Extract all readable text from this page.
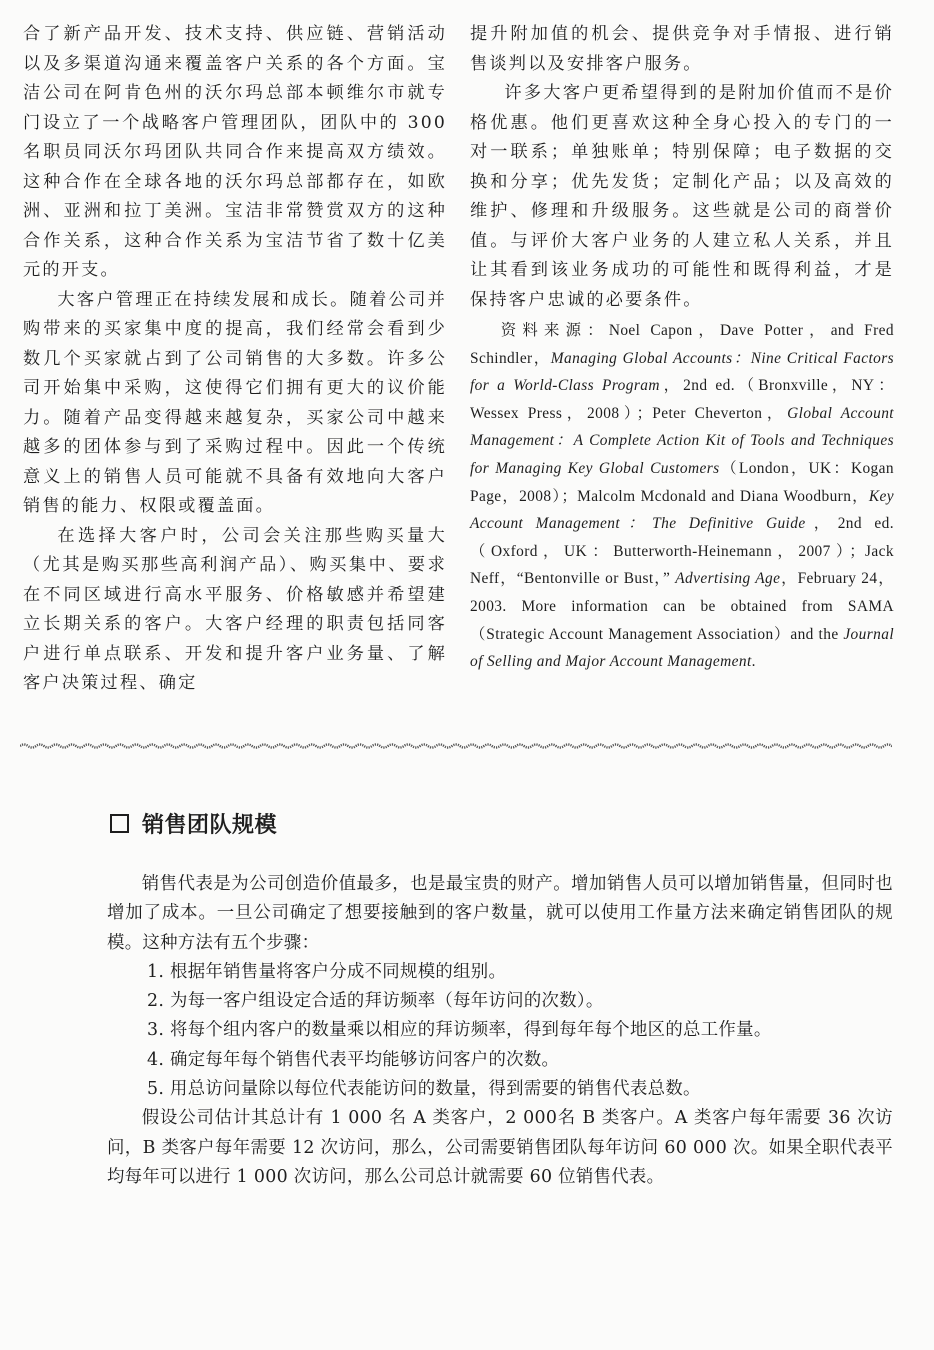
合了新产品开发、技术支持、供应链、营销活动以及多渠道沟通来覆盖客户关系的各个方面。宝洁公司在阿肯色州的沃尔玛总部本顿维尔市就专门设立了一个战略客户管理团队，团队中的 300 名职员同沃尔玛团队共同合作来提高双方绩效。这种合作在全球各地的沃尔玛总部都存在，如欧洲、亚洲和拉丁美洲。宝洁非常赞赏双方的这种合作关系，这种合作关系为宝洁节省了数十亿美元的开支。

大客户管理正在持续发展和成长。随着公司并购带来的买家集中度的提高，我们经常会看到少数几个买家就占到了公司销售的大多数。许多公司开始集中采购，这使得它们拥有更大的议价能力。随着产品变得越来越复杂，买家公司中越来越多的团体参与到了采购过程中。因此一个传统意义上的销售人员可能就不具备有效地向大客户销售的能力、权限或覆盖面。

在选择大客户时，公司会关注那些购买量大（尤其是购买那些高利润产品）、购买集中、要求在不同区域进行高水平服务、价格敏感并希望建立长期关系的客户。大客户经理的职责包括同客户进行单点联系、开发和提升客户业务量、了解客户决策过程、确定

提升附加值的机会、提供竞争对手情报、进行销售谈判以及安排客户服务。

许多大客户更希望得到的是附加价值而不是价格优惠。他们更喜欢这种全身心投入的专门的一对一联系；单独账单；特别保障；电子数据的交换和分享；优先发货；定制化产品；以及高效的维护、修理和升级服务。这些就是公司的商誉价值。与评价大客户业务的人建立私人关系，并且让其看到该业务成功的可能性和既得利益，才是保持客户忠诚的必要条件。

资料来源：Noel Capon，Dave Potter，and Fred Schindler，Managing Global Accounts：Nine Critical Factors for a World-Class Program，2nd ed.（Bronxville，NY：Wessex Press，2008）；Peter Cheverton，Global Account Management：A Complete Action Kit of Tools and Techniques for Managing Key Global Customers（London，UK：Kogan Page，2008）；Malcolm Mcdonald and Diana Woodburn，Key Account Management：The Definitive Guide，2nd ed.（Oxford，UK：Butterworth-Heinemann，2007）；Jack Neff，“Bentonville or Bust，” Advertising Age，February 24，2003. More information can be obtained from SAMA（Strategic Account Management Association）and the Journal of Selling and Major Account Management.

销售团队规模

销售代表是为公司创造价值最多，也是最宝贵的财产。增加销售人员可以增加销售量，但同时也增加了成本。一旦公司确定了想要接触到的客户数量，就可以使用工作量方法来确定销售团队的规模。这种方法有五个步骤：

1. 根据年销售量将客户分成不同规模的组别。
2. 为每一客户组设定合适的拜访频率（每年访问的次数）。
3. 将每个组内客户的数量乘以相应的拜访频率，得到每年每个地区的总工作量。
4. 确定每年每个销售代表平均能够访问客户的次数。
5. 用总访问量除以每位代表能访问的数量，得到需要的销售代表总数。

假设公司估计其总计有 1 000 名 A 类客户，2 000名 B 类客户。A 类客户每年需要 36 次访问，B 类客户每年需要 12 次访问，那么，公司需要销售团队每年访问 60 000 次。如果全职代表平均每年可以进行 1 000 次访问，那么公司总计就需要 60 位销售代表。
